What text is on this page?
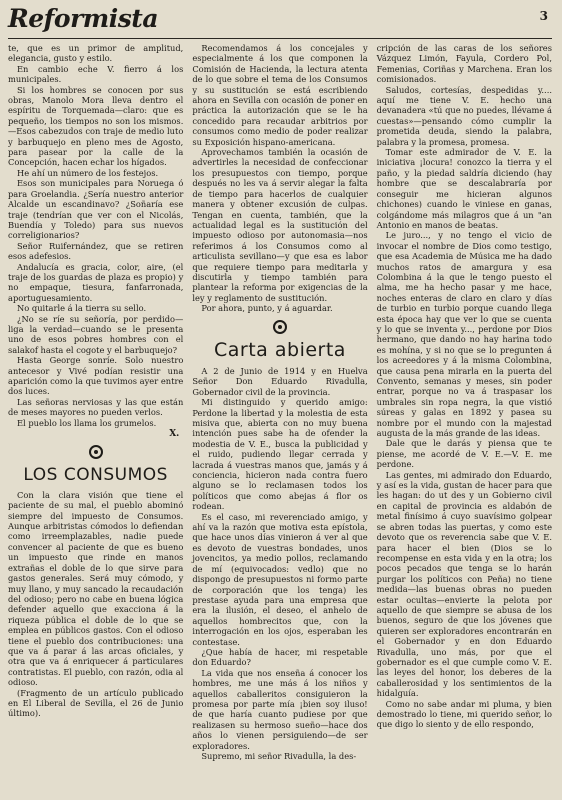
Reformista	3

te, que es un primor de amplitud, elegancia, gusto y estilo.

En cambio eche V. fierro á los municipales.

Si los hombres se conocen por sus obras, Manolo Mora lleva dentro el espíritu de Torquemada—claro: que es pequeño, los tiempos no son los mismos.—Esos cabezudos con traje de medio luto y barbuquejo en pleno mes de Agosto, para pasear por la calle de la Concepción, hacen echar los hígados.

He ahí un número de los festejos.

Esos son municipales para Noruega ó para Groelandia. ¿Sería nuestro anterior Alcalde un escandinavo? ¿Soñaría ese traje (tendrían que ver con el Nicolás, Buendía y Toledo) para sus nuevos correligionarios?

Señor Ruifernández, que se retiren esos adefesios.

Andalucía es gracia, color, aire, (el traje de los guardas de plaza es propio) y no empaque, tiesura, fanfarronada, aportuguesamiento.

No quitarle á la tierra su sello.

¿No se ríe su señoría, por perdido—liga la verdad—cuando se le presenta uno de esos pobres hombres con el salakof hasta el cogote y el barbuquejo?

Hasta George sonríe. Solo nuestro antecesor y Vivé podían resistir una aparición como la que tuvimos ayer entre dos luces.

Las señoras nerviosas y las que están de meses mayores no pueden verlos.

El pueblo los llama los grumelos.

X.
LOS CONSUMOS

Con la clara visión que tiene el paciente de su mal, el pueblo abominó siempre del impuesto de Consumos. Aunque arbitristas cómodos lo defiendan como irreemplazables, nadie puede convencer al paciente de que es bueno un impuesto que rinde en manos extrañas el doble de lo que sirve para gastos generales. Será muy cómodo, y muy llano, y muy sancado la recaudación del odioso; pero no cabe en buena lógica defender aquello que exacciona á la riqueza pública el doble de lo que se emplea en públicos gastos. Con el odioso tiene el pueblo dos contribuciones: una que va á parar á las arcas oficiales, y otra que va á enriquecer á particulares contratistas. El pueblo, con razón, odia al odioso.

(Fragmento de un artículo publicado en El Liberal de Sevilla, el 26 de Junio último).

Recomendamos á los concejales y especialmente á los que componen la Comisión de Hacienda, la lectura atenta de lo que sobre el tema de los Consumos y su sustitución se está escribiendo ahora en Sevilla con ocasión de poner en práctica la autorización que se le ha concedido para recaudar arbitrios por consumos como medio de poder realizar su Exposición hispano-americana.

Aprovechamos también la ocasión de advertirles la necesidad de confeccionar los presupuestos con tiempo, porque después no les va á servir alegar la falta de tiempo para hacerlos de cualquier manera y obtener excusión de culpas. Tengan en cuenta, también, que la actualidad legal es la sustitución del impuesto odioso por autonomasia—nos referimos á los Consumos como al articulista sevillano—y que esa es labor que requiere tiempo para meditarla y discutirla y tiempo también para plantear la reforma por exigencias de la ley y reglamento de sustitución.

Por ahora, punto, y á aguardar.

Carta abierta

A 2 de Junio de 1914 y en Huelva Señor Don Eduardo Rivadulla, Gobernador civil de la provincia.

Mi distinguido y querido amigo: Perdone la libertad y la molestia de esta misiva que, abierta con no muy buena intención pues sabe ha de ofender la modestia de V. E., busca la publicidad y el ruido, pudiendo llegar cerrada y lacrada á vuestras manos que, jamás y á conciencia, hicieron nada contra fuero alguno se lo reclamasen todos los políticos que como abejas á flor os rodean.

Es el caso, mi reverenciado amigo, y ahí va la razón que motiva esta epístola, que hace unos días vinieron á ver al que es devoto de vuestras bondades, unos jovencitos, ya medio pollos, reclamando de mí (equivocados: vedlo) que no dispongo de presupuestos ni formo parte de corporación que los tenga) les prestase ayuda para una empresa que era la ilusión, el deseo, el anhelo de aquellos hombrecitos que, con la interrogación en los ojos, esperaban les contestase.

¿Que había de hacer, mi respetable don Eduardo?

La vida que nos enseña á conocer los hombres, me une más á los niños y aquellos caballeritos consiguieron la promesa por parte mía ¡bien soy iluso! de que haría cuanto pudiese por que realizasen su hermoso sueño—hace dos años lo vienen persiguiendo—de ser exploradores.

Supremo, mi señor Rivadulla, la des-

cripción de las caras de los señores Vázquez Limón, Fayula, Cordero Pol, Femenias, Coriñas y Marchena. Eran los comisionados.

Saludos, cortesías, despedidas y.... aquí me tiene V. E. hecho una devanadera «tú que no puedes, llévame á cuestas»—pensando cómo cumplir la prometida deuda, siendo la palabra, palabra y la promesa, promesa.

Tomar este admirador de V. E. la iniciativa ¡locura! conozco la tierra y el paño, y la piedad saldría diciendo (hay hombre que se descalabraría por conseguir me hicieran algunos chichones) cuando le viniese en ganas, colgándome más milagros que á un "an Antonio en manos de beatas.

Le juro..., y no tengo el vicio de invocar el nombre de Dios como testigo, que esa Academia de Música me ha dado muchos ratos de amargura y esa Colombina á la que le tengo puesto el alma, me ha hecho pasar y me hace, noches enteras de claro en claro y días de turbio en turbio porque cuando llega esta época hay que ver lo que se cuenta y lo que se inventa y..., perdone por Dios hermano, que dando no hay harina todo es mohína, y si no que se lo pregunten á los acreedores y á la misma Colombina, que causa pena mirarla en la puerta del Convento, semanas y meses, sin poder entrar, porque no va á traspasar los umbrales sin ropa negra, la que vistió súreas y galas en 1892 y pasea su nombre por el mundo con la majestad augusta de la más grande de las ideas.

Dale que le darás y piensa que te piense, me acordé de V. E.—V. E. me perdone.

Las gentes, mi admirado don Eduardo, y así es la vida, gustan de hacer para que les hagan: do ut des y un Gobierno civil en capital de provincia es aldabón de metal finísimo á cuyo suavísimo golpear se abren todas las puertas, y como este devoto que os reverencia sabe que V. E. para hacer el bien (Dios se lo recompense en esta vida y en la otra; los pocos pecados que tenga se lo harán purgar los políticos con Peña) no tiene medida—las buenas obras no pueden estar ocultas—envierte la pelota por aquello de que siempre se abusa de los buenos, seguro de que los jóvenes que quieren ser exploradores encontrarán en el Gobernador y en don Eduardo Rivadulla, uno más, por que el gobernador es el que cumple como V. E. las leyes del honor, los deberes de la caballerosidad y los sentimientos de la hidalguía.

Como no sabe andar mi pluma, y bien demostrado lo tiene, mi querido señor, lo que digo lo siento y de ello respondo,
